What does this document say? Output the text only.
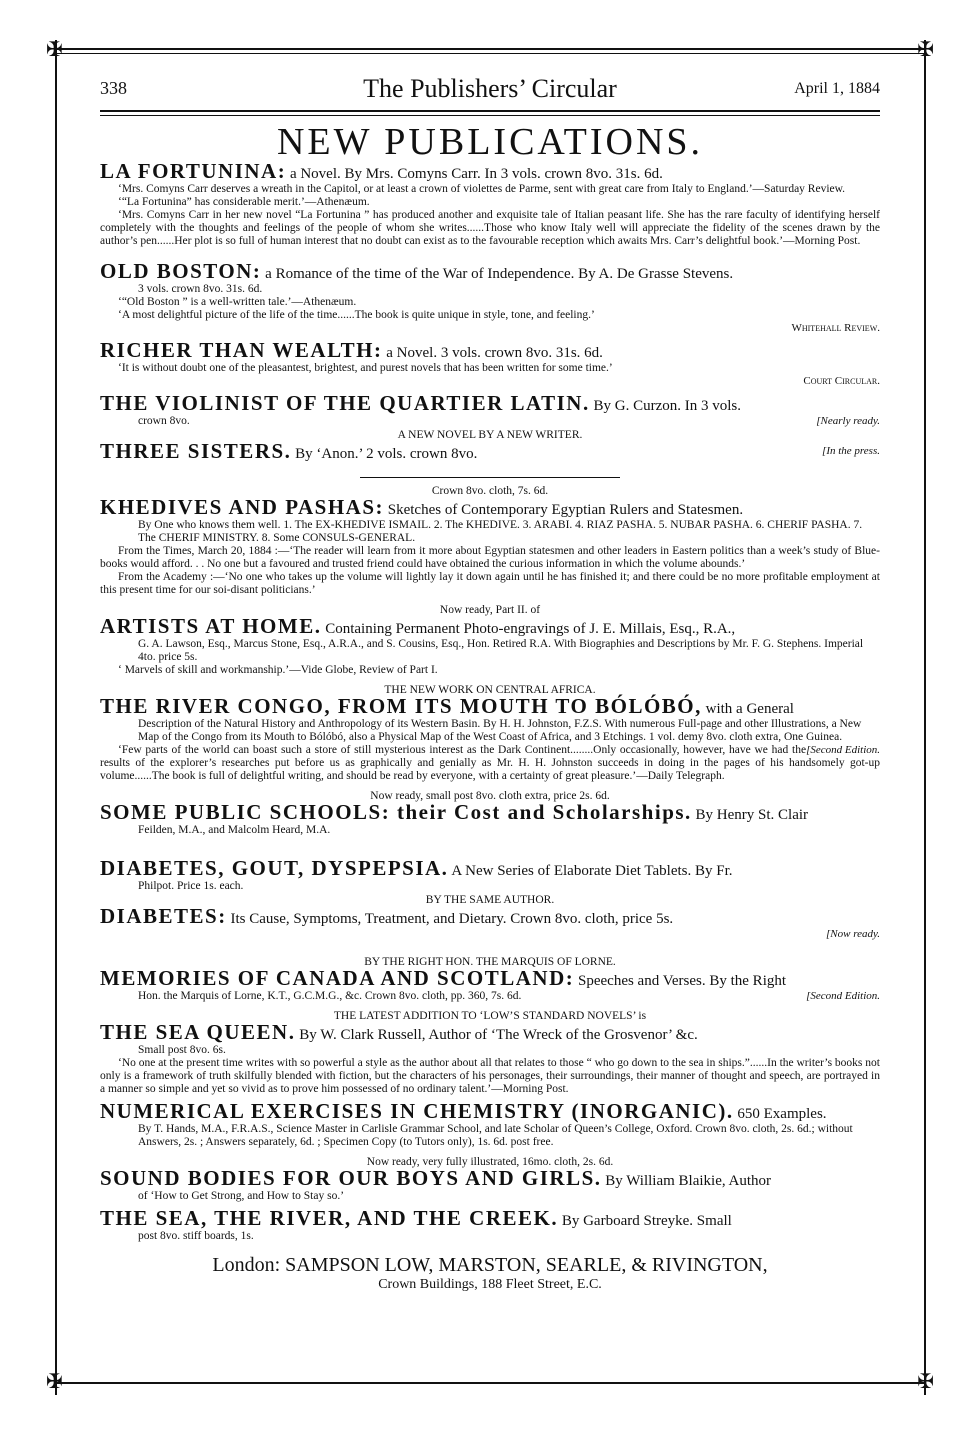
✠	✠
✠	✠
338	The Publishers’ Circular	April 1, 1884
NEW PUBLICATIONS.

LA FORTUNINA: a Novel. By Mrs. Comyns Carr. In 3 vols. crown 8vo. 31s. 6d.

‘Mrs. Comyns Carr deserves a wreath in the Capitol, or at least a crown of violettes de Parme, sent with great care from Italy to England.’—Saturday Review.

‘“La Fortunina” has considerable merit.’—Athenæum.

‘Mrs. Comyns Carr in her new novel “La Fortunina ” has produced another and exquisite tale of Italian peasant life. She has the rare faculty of identifying herself completely with the thoughts and feelings of the people of whom she writes......Those who know Italy well will appreciate the fidelity of the scenes drawn by the author’s pen......Her plot is so full of human interest that no doubt can exist as to the favourable reception which awaits Mrs. Carr’s delightful book.’—Morning Post.

OLD BOSTON: a Romance of the time of the War of Independence. By A. De Grasse Stevens.

3 vols. crown 8vo. 31s. 6d.

‘“Old Boston ” is a well-written tale.’—Athenæum.

‘A most delightful picture of the life of the time......The book is quite unique in style, tone, and feeling.’

Whitehall Review.

RICHER THAN WEALTH: a Novel. 3 vols. crown 8vo. 31s. 6d.

‘It is without doubt one of the pleasantest, brightest, and purest novels that has been written for some time.’

Court Circular.

THE VIOLINIST OF THE QUARTIER LATIN. By G. Curzon. In 3 vols.

crown 8vo.	[Nearly ready.

A NEW NOVEL BY A NEW WRITER.

THREE SISTERS. By ‘Anon.’ 2 vols. crown 8vo.	[In the press.

Crown 8vo. cloth, 7s. 6d.

KHEDIVES AND PASHAS: Sketches of Contemporary Egyptian Rulers and Statesmen.

By One who knows them well. 1. The EX-KHEDIVE ISMAIL. 2. The KHEDIVE. 3. ARABI. 4. RIAZ PASHA. 5. NUBAR PASHA. 6. CHERIF PASHA. 7. The CHERIF MINISTRY. 8. Some CONSULS-GENERAL.

From the Times, March 20, 1884 :—‘The reader will learn from it more about Egyptian statesmen and other leaders in Eastern politics than a week’s study of Blue-books would afford. . . No one but a favoured and trusted friend could have obtained the curious information in which the volume abounds.’

From the Academy :—‘No one who takes up the volume will lightly lay it down again until he has finished it; and there could be no more profitable employment at this present time for our soi-disant politicians.’

Now ready, Part II. of

ARTISTS AT HOME. Containing Permanent Photo-engravings of J. E. Millais, Esq., R.A.,

G. A. Lawson, Esq., Marcus Stone, Esq., A.R.A., and S. Cousins, Esq., Hon. Retired R.A. With Biographies and Descriptions by Mr. F. G. Stephens. Imperial 4to. price 5s.

‘ Marvels of skill and workmanship.’—Vide Globe, Review of Part I.

THE NEW WORK ON CENTRAL AFRICA.

THE RIVER CONGO, FROM ITS MOUTH TO BÓLÓBÓ, with a General

Description of the Natural History and Anthropology of its Western Basin. By H. H. Johnston, F.Z.S. With numerous Full-page and other Illustrations, a New Map of the Congo from its Mouth to Bólóbó, also a Physical Map of the West Coast of Africa, and 3 Etchings. 1 vol. demy 8vo. cloth extra, One Guinea.
[Second Edition.

‘Few parts of the world can boast such a store of still mysterious interest as the Dark Continent........Only occasionally, however, have we had the results of the explorer’s researches put before us as graphically and genially as Mr. H. H. Johnston succeeds in doing in the pages of his handsomely got-up volume......The book is full of delightful writing, and should be read by everyone, with a certainty of great pleasure.’—Daily Telegraph.

Now ready, small post 8vo. cloth extra, price 2s. 6d.

SOME PUBLIC SCHOOLS: their Cost and Scholarships. By Henry St. Clair

Feilden, M.A., and Malcolm Heard, M.A.

DIABETES, GOUT, DYSPEPSIA. A New Series of Elaborate Diet Tablets. By Fr.

Philpot. Price 1s. each.

BY THE SAME AUTHOR.

DIABETES: Its Cause, Symptoms, Treatment, and Dietary. Crown 8vo. cloth, price 5s.

[Now ready.

BY THE RIGHT HON. THE MARQUIS OF LORNE.

MEMORIES OF CANADA AND SCOTLAND: Speeches and Verses. By the Right

Hon. the Marquis of Lorne, K.T., G.C.M.G., &c. Crown 8vo. cloth, pp. 360, 7s. 6d.	[Second Edition.

THE LATEST ADDITION TO ‘LOW’S STANDARD NOVELS’ is

THE SEA QUEEN. By W. Clark Russell, Author of ‘The Wreck of the Grosvenor’ &c.

Small post 8vo. 6s.

‘No one at the present time writes with so powerful a style as the author about all that relates to those “ who go down to the sea in ships.”......In the writer’s books not only is a framework of truth skilfully blended with fiction, but the characters of his personages, their surroundings, their manner of thought and speech, are portrayed in a manner so simple and yet so vivid as to prove him possessed of no ordinary talent.’—Morning Post.

NUMERICAL EXERCISES IN CHEMISTRY (INORGANIC). 650 Examples.

By T. Hands, M.A., F.R.A.S., Science Master in Carlisle Grammar School, and late Scholar of Queen’s College, Oxford. Crown 8vo. cloth, 2s. 6d.; without Answers, 2s. ; Answers separately, 6d. ; Specimen Copy (to Tutors only), 1s. 6d. post free.

Now ready, very fully illustrated, 16mo. cloth, 2s. 6d.

SOUND BODIES FOR OUR BOYS AND GIRLS. By William Blaikie, Author

of ‘How to Get Strong, and How to Stay so.’

THE SEA, THE RIVER, AND THE CREEK. By Garboard Streyke. Small

post 8vo. stiff boards, 1s.

London: SAMPSON LOW, MARSTON, SEARLE, & RIVINGTON,

Crown Buildings, 188 Fleet Street, E.C.
